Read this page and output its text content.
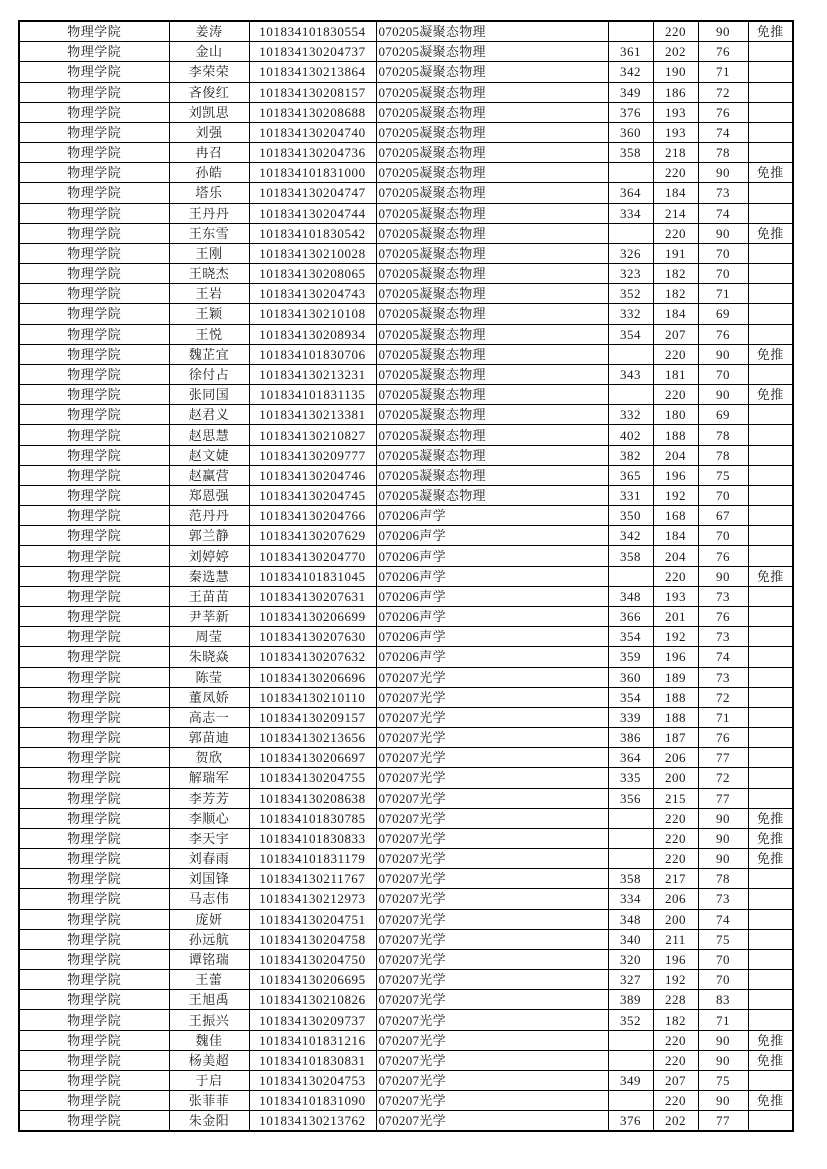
物理学院	姜涛	101834101830554	070205凝聚态物理		220	90	免推
物理学院	金山	101834130204737	070205凝聚态物理	361	202	76	
物理学院	李荣荣	101834130213864	070205凝聚态物理	342	190	71	
物理学院	吝俊红	101834130208157	070205凝聚态物理	349	186	72	
物理学院	刘凯思	101834130208688	070205凝聚态物理	376	193	76	
物理学院	刘强	101834130204740	070205凝聚态物理	360	193	74	
物理学院	冉召	101834130204736	070205凝聚态物理	358	218	78	
物理学院	孙皓	101834101831000	070205凝聚态物理		220	90	免推
物理学院	塔乐	101834130204747	070205凝聚态物理	364	184	73	
物理学院	王丹丹	101834130204744	070205凝聚态物理	334	214	74	
物理学院	王东雪	101834101830542	070205凝聚态物理		220	90	免推
物理学院	王刚	101834130210028	070205凝聚态物理	326	191	70	
物理学院	王晓杰	101834130208065	070205凝聚态物理	323	182	70	
物理学院	王岩	101834130204743	070205凝聚态物理	352	182	71	
物理学院	王颖	101834130210108	070205凝聚态物理	332	184	69	
物理学院	王悦	101834130208934	070205凝聚态物理	354	207	76	
物理学院	魏芷宜	101834101830706	070205凝聚态物理		220	90	免推
物理学院	徐付占	101834130213231	070205凝聚态物理	343	181	70	
物理学院	张同国	101834101831135	070205凝聚态物理		220	90	免推
物理学院	赵君义	101834130213381	070205凝聚态物理	332	180	69	
物理学院	赵思慧	101834130210827	070205凝聚态物理	402	188	78	
物理学院	赵文婕	101834130209777	070205凝聚态物理	382	204	78	
物理学院	赵赢营	101834130204746	070205凝聚态物理	365	196	75	
物理学院	郑恩强	101834130204745	070205凝聚态物理	331	192	70	
物理学院	范丹丹	101834130204766	070206声学	350	168	67	
物理学院	郭兰静	101834130207629	070206声学	342	184	70	
物理学院	刘婷婷	101834130204770	070206声学	358	204	76	
物理学院	秦选慧	101834101831045	070206声学		220	90	免推
物理学院	王苗苗	101834130207631	070206声学	348	193	73	
物理学院	尹莘新	101834130206699	070206声学	366	201	76	
物理学院	周莹	101834130207630	070206声学	354	192	73	
物理学院	朱晓焱	101834130207632	070206声学	359	196	74	
物理学院	陈莹	101834130206696	070207光学	360	189	73	
物理学院	董凤娇	101834130210110	070207光学	354	188	72	
物理学院	高志一	101834130209157	070207光学	339	188	71	
物理学院	郭苗迪	101834130213656	070207光学	386	187	76	
物理学院	贺欣	101834130206697	070207光学	364	206	77	
物理学院	解瑞军	101834130204755	070207光学	335	200	72	
物理学院	李芳芳	101834130208638	070207光学	356	215	77	
物理学院	李顺心	101834101830785	070207光学		220	90	免推
物理学院	李天宇	101834101830833	070207光学		220	90	免推
物理学院	刘春雨	101834101831179	070207光学		220	90	免推
物理学院	刘国锋	101834130211767	070207光学	358	217	78	
物理学院	马志伟	101834130212973	070207光学	334	206	73	
物理学院	庞妍	101834130204751	070207光学	348	200	74	
物理学院	孙远航	101834130204758	070207光学	340	211	75	
物理学院	谭铭瑞	101834130204750	070207光学	320	196	70	
物理学院	王蕾	101834130206695	070207光学	327	192	70	
物理学院	王旭禹	101834130210826	070207光学	389	228	83	
物理学院	王振兴	101834130209737	070207光学	352	182	71	
物理学院	魏佳	101834101831216	070207光学		220	90	免推
物理学院	杨美超	101834101830831	070207光学		220	90	免推
物理学院	于启	101834130204753	070207光学	349	207	75	
物理学院	张菲菲	101834101831090	070207光学		220	90	免推
物理学院	朱金阳	101834130213762	070207光学	376	202	77	
